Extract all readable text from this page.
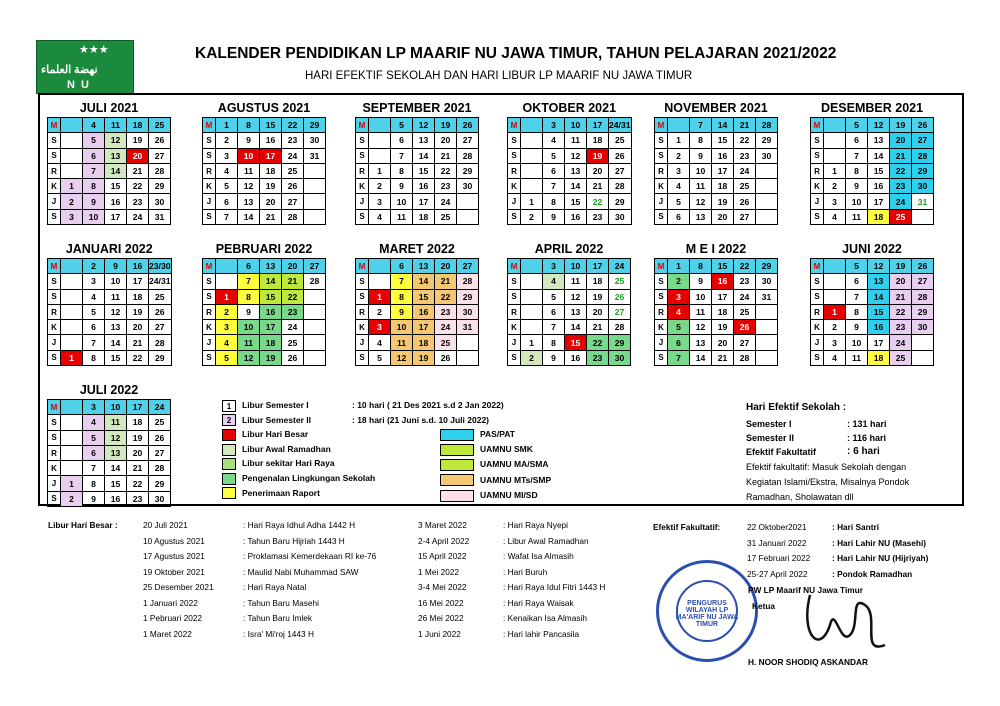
★★★
ﻧﻬﻀﺔ ﺍﻟﻌﻠﻤﺎﺀ
NU
KALENDER PENDIDIKAN LP MAARIF NU JAWA TIMUR, TAHUN PELAJARAN 2021/2022
HARI EFEKTIF SEKOLAH DAN HARI LIBUR LP MAARIF NU JAWA TIMUR
JULI 2021
M		4	11	18	25
S		5	12	19	26
S		6	13	20	27
R		7	14	21	28
K	1	8	15	22	29
J	2	9	16	23	30
S	3	10	17	24	31
AGUSTUS 2021
M	1	8	15	22	29
S	2	9	16	23	30
S	3	10	17	24	31
R	4	11	18	25	
K	5	12	19	26	
J	6	13	20	27	
S	7	14	21	28	
SEPTEMBER 2021
M		5	12	19	26
S		6	13	20	27
S		7	14	21	28
R	1	8	15	22	29
K	2	9	16	23	30
J	3	10	17	24	
S	4	11	18	25	
OKTOBER 2021
M		3	10	17	24/31
S		4	11	18	25
S		5	12	19	26
R		6	13	20	27
K		7	14	21	28
J	1	8	15	22	29
S	2	9	16	23	30
NOVEMBER 2021
M		7	14	21	28
S	1	8	15	22	29
S	2	9	16	23	30
R	3	10	17	24	
K	4	11	18	25	
J	5	12	19	26	
S	6	13	20	27	
DESEMBER 2021
M		5	12	19	26
S		6	13	20	27
S		7	14	21	28
R	1	8	15	22	29
K	2	9	16	23	30
J	3	10	17	24	31
S	4	11	18	25	
JANUARI 2022
M		2	9	16	23/30
S		3	10	17	24/31
S		4	11	18	25
R		5	12	19	26
K		6	13	20	27
J		7	14	21	28
S	1	8	15	22	29
PEBRUARI 2022
M		6	13	20	27
S		7	14	21	28
S	1	8	15	22	
R	2	9	16	23	
K	3	10	17	24	
J	4	11	18	25	
S	5	12	19	26	
MARET 2022
M		6	13	20	27
S		7	14	21	28
S	1	8	15	22	29
R	2	9	16	23	30
K	3	10	17	24	31
J	4	11	18	25	
S	5	12	19	26	
APRIL 2022
M		3	10	17	24
S		4	11	18	25
S		5	12	19	26
R		6	13	20	27
K		7	14	21	28
J	1	8	15	22	29
S	2	9	16	23	30
M E I 2022
M	1	8	15	22	29
S	2	9	16	23	30
S	3	10	17	24	31
R	4	11	18	25	
K	5	12	19	26	
J	6	13	20	27	
S	7	14	21	28	
JUNI 2022
M		5	12	19	26
S		6	13	20	27
S		7	14	21	28
R	1	8	15	22	29
K	2	9	16	23	30
J	3	10	17	24	
S	4	11	18	25	
JULI 2022
M		3	10	17	24
S		4	11	18	25
S		5	12	19	26
R		6	13	20	27
K		7	14	21	28
J	1	8	15	22	29
S	2	9	16	23	30
1 Libur Semester I
2 Libur Semester II
Libur Hari Besar
Libur Awal Ramadhan
Libur sekitar Hari Raya
Pengenalan Lingkungan Sekolah
Penerimaan Raport
: 10 hari ( 21 Des 2021 s.d 2 Jan 2022)
: 18 hari (21 Juni s.d. 10 Juli 2022)
PAS/PAT
UAMNU SMK
UAMNU MA/SMA
UAMNU MTs/SMP
UAMNU MI/SD
Hari Efektif Sekolah :
Semester I	: 131 hari
Semester II	: 116 hari
Efektif Fakultatif	: 6 hari
Efektif fakultatif: Masuk Sekolah dengan
Kegiatan Islami/Ekstra, Misalnya Pondok
Ramadhan, Sholawatan dll
Libur Hari Besar :	20 Juli 2021	: Hari Raya Idhul Adha 1442 H
10 Agustus 2021	: Tahun Baru Hijriah 1443 H
17 Agustus 2021	: Proklamasi Kemerdekaan RI ke-76
19 Oktober 2021	: Maulid Nabi Muhammad SAW
25 Desember 2021	: Hari Raya Natal
1 Januari 2022	: Tahun Baru Masehi
1 Pebruari 2022	: Tahun Baru Imlek
1 Maret 2022	: Isra' Mi'roj 1443 H
3 Maret 2022	: Hari Raya Nyepi
2-4 April 2022	: Libur Awal Ramadhan
15 April 2022	: Wafat Isa Almasih
1 Mei 2022	: Hari Buruh
3-4 Mei 2022	: Hari Raya Idul Fitri 1443 H
16 Mei 2022	: Hari Raya Waisak
26 Mei 2022	: Kenaikan Isa Almasih
1 Juni 2022	: Hari lahir Pancasila
Efektif Fakultatif:	22 Oktober2021	: Hari Santri
31 Januari 2022	: Hari Lahir NU (Masehi)
17 Februari 2022	: Hari Lahir NU (Hijriyah)
25-27 April 2022	: Pondok Ramadhan
PENGURUS WILAYAH LP MA'ARIF NU JAWA TIMUR
PW LP Maarif NU Jawa Timur
Ketua
H. NOOR SHODIQ ASKANDAR
